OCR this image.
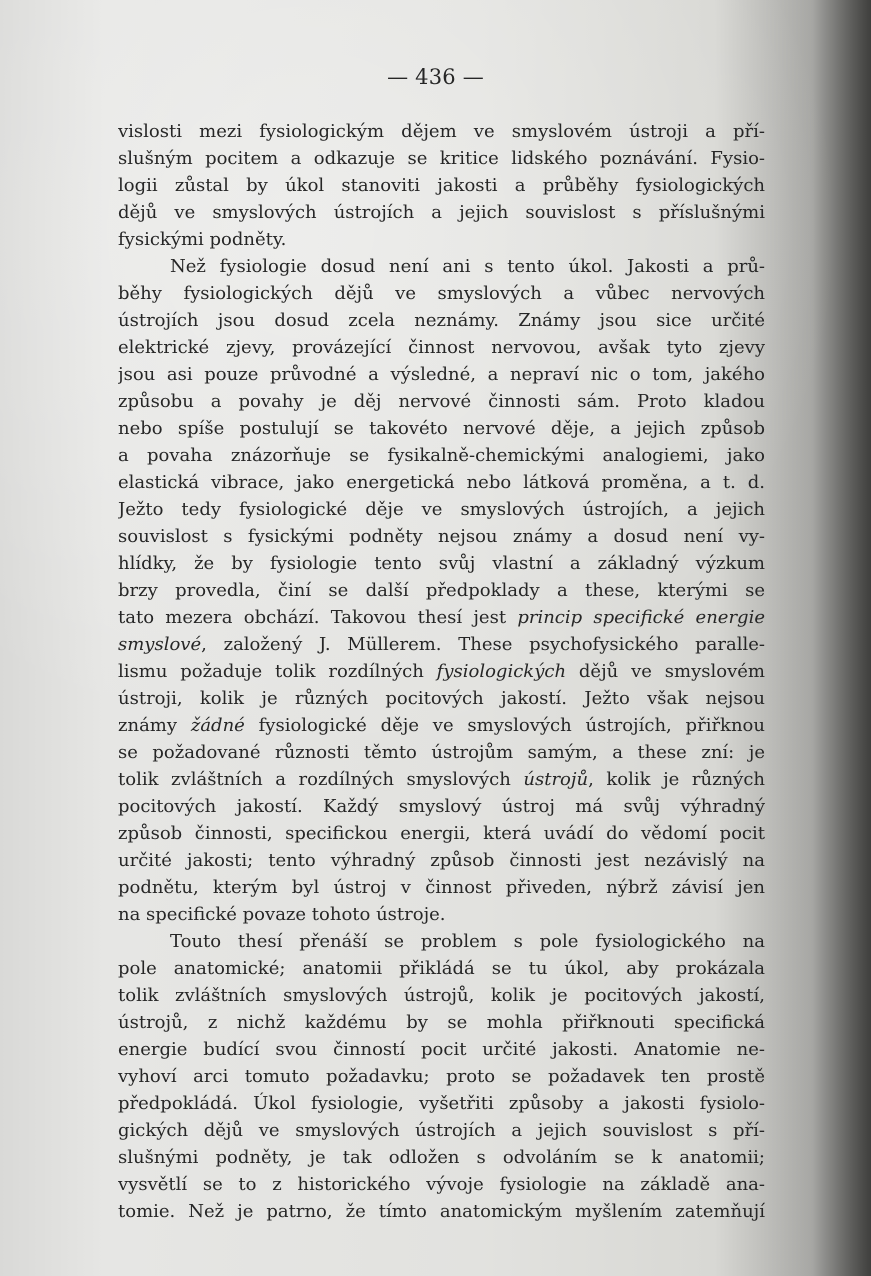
— 436 —
vislosti mezi fysiologickým dějem ve smyslovém ústroji a pří-
slušným pocitem a odkazuje se kritice lidského poznávání. Fysio-
logii zůstal by úkol stanoviti jakosti a průběhy fysiologických
dějů ve smyslových ústrojích a jejich souvislost s příslušnými
fysickými podněty.
Než fysiologie dosud není ani s tento úkol. Jakosti a prů-
běhy fysiologických dějů ve smyslových a vůbec nervových
ústrojích jsou dosud zcela neznámy. Známy jsou sice určité
elektrické zjevy, provázející činnost nervovou, avšak tyto zjevy
jsou asi pouze průvodné a výsledné, a nepraví nic o tom, jakého
způsobu a povahy je děj nervové činnosti sám. Proto kladou
nebo spíše postulují se takovéto nervové děje, a jejich způsob
a povaha znázorňuje se fysikalně-chemickými analogiemi, jako
elastická vibrace, jako energetická nebo látková proměna, a t. d.
Ježto tedy fysiologické děje ve smyslových ústrojích, a jejich
souvislost s fysickými podněty nejsou známy a dosud není vy-
hlídky, že by fysiologie tento svůj vlastní a základný výzkum
brzy provedla, činí se další předpoklady a these, kterými se
tato mezera obchází. Takovou thesí jest princip specifické energie
smyslové, založený J. Müllerem. These psychofysického paralle-
lismu požaduje tolik rozdílných fysiologických dějů ve smyslovém
ústroji, kolik je různých pocitových jakostí. Ježto však nejsou
známy žádné fysiologické děje ve smyslových ústrojích, přiřknou
se požadované různosti těmto ústrojům samým, a these zní: je
tolik zvláštních a rozdílných smyslových ústrojů, kolik je různých
pocitových jakostí. Každý smyslový ústroj má svůj výhradný
způsob činnosti, specifickou energii, která uvádí do vědomí pocit
určité jakosti; tento výhradný způsob činnosti jest nezávislý na
podnětu, kterým byl ústroj v činnost přiveden, nýbrž závisí jen
na specifické povaze tohoto ústroje.
Touto thesí přenáší se problem s pole fysiologického na
pole anatomické; anatomii přikládá se tu úkol, aby prokázala
tolik zvláštních smyslových ústrojů, kolik je pocitových jakostí,
ústrojů, z nichž každému by se mohla přiřknouti specifická
energie budící svou činností pocit určité jakosti. Anatomie ne-
vyhoví arci tomuto požadavku; proto se požadavek ten prostě
předpokládá. Úkol fysiologie, vyšetřiti způsoby a jakosti fysiolo-
gických dějů ve smyslových ústrojích a jejich souvislost s pří-
slušnými podněty, je tak odložen s odvoláním se k anatomii;
vysvětlí se to z historického vývoje fysiologie na základě ana-
tomie. Než je patrno, že tímto anatomickým myšlením zatemňují
